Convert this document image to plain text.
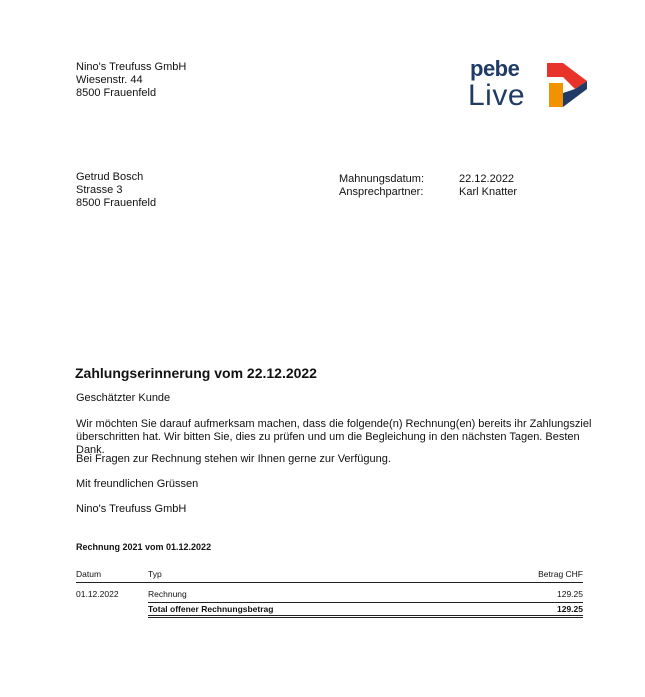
Nino's Treufuss GmbH
Wiesenstr. 44
8500 Frauenfeld
pebe
Live
Getrud Bosch
Strasse 3
8500 Frauenfeld
Mahnungsdatum:	22.12.2022
Ansprechpartner:	Karl Knatter
Zahlungserinnerung vom 22.12.2022
Geschätzter Kunde
Wir möchten Sie darauf aufmerksam machen, dass die folgende(n) Rechnung(en) bereits ihr Zahlungsziel
überschritten hat. Wir bitten Sie, dies zu prüfen und um die Begleichung in den nächsten Tagen. Besten Dank.
Bei Fragen zur Rechnung stehen wir Ihnen gerne zur Verfügung.
Mit freundlichen Grüssen
Nino's Treufuss GmbH
Rechnung 2021 vom 01.12.2022
Datum	Typ	Betrag CHF
01.12.2022	Rechnung	129.25
Total offener Rechnungsbetrag	129.25
